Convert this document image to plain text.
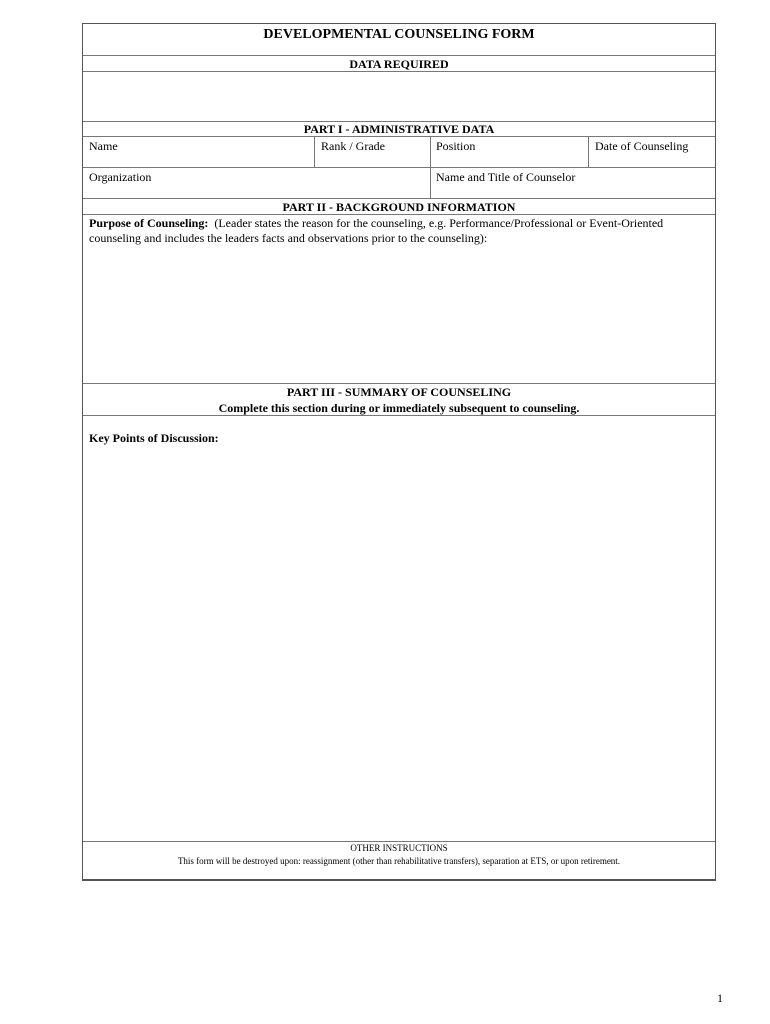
DEVELOPMENTAL COUNSELING FORM
DATA REQUIRED
PART I - ADMINISTRATIVE DATA
Name	Rank / Grade	Position	Date of Counseling
Organization	Name and Title of Counselor
PART II - BACKGROUND INFORMATION
Purpose of Counseling: (Leader states the reason for the counseling, e.g. Performance/Professional or Event-Oriented counseling and includes the leaders facts and observations prior to the counseling):
PART III - SUMMARY OF COUNSELING
Complete this section during or immediately subsequent to counseling.
Key Points of Discussion:
OTHER INSTRUCTIONS
This form will be destroyed upon: reassignment (other than rehabilitative transfers), separation at ETS, or upon retirement.
1
